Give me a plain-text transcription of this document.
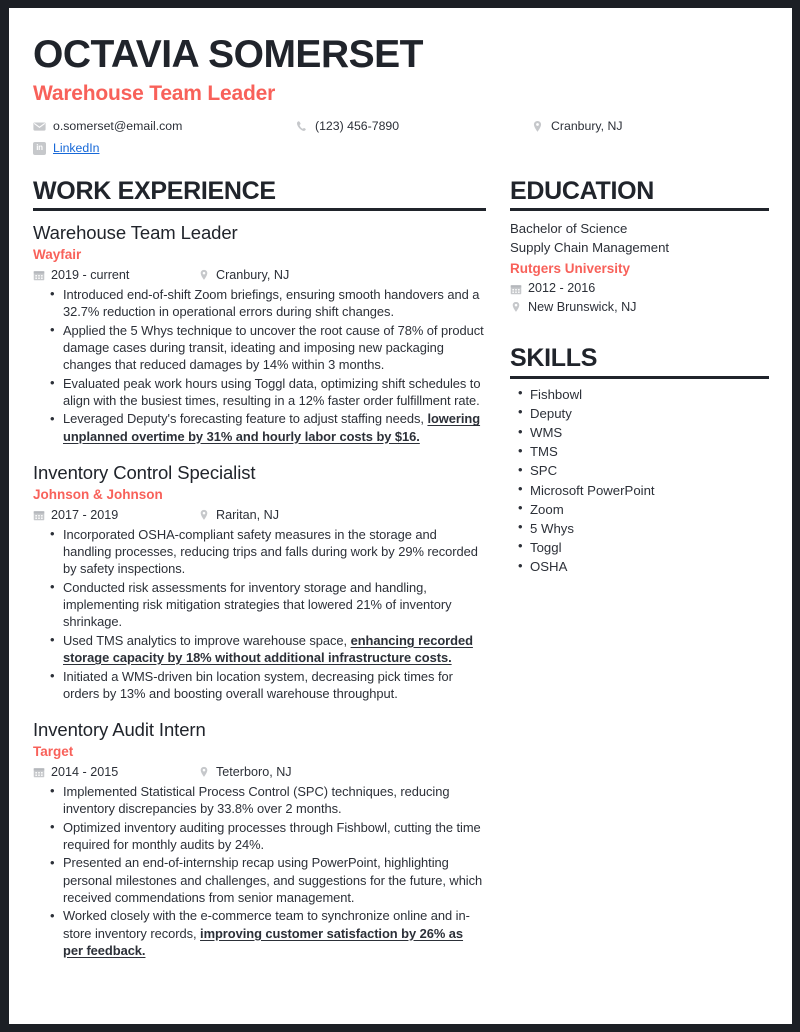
OCTAVIA SOMERSET
Warehouse Team Leader
o.somerset@email.com	(123) 456-7890	Cranbury, NJ
in LinkedIn
WORK EXPERIENCE
Warehouse Team Leader
Wayfair
2019 - current	Cranbury, NJ
• Introduced end-of-shift Zoom briefings, ensuring smooth handovers and a 32.7% reduction in operational errors during shift changes.
• Applied the 5 Whys technique to uncover the root cause of 78% of product damage cases during transit, ideating and imposing new packaging changes that reduced damages by 14% within 3 months.
• Evaluated peak work hours using Toggl data, optimizing shift schedules to align with the busiest times, resulting in a 12% faster order fulfillment rate.
• Leveraged Deputy's forecasting feature to adjust staffing needs, lowering unplanned overtime by 31% and hourly labor costs by $16.
Inventory Control Specialist
Johnson & Johnson
2017 - 2019	Raritan, NJ
• Incorporated OSHA-compliant safety measures in the storage and handling processes, reducing trips and falls during work by 29% recorded by safety inspections.
• Conducted risk assessments for inventory storage and handling, implementing risk mitigation strategies that lowered 21% of inventory shrinkage.
• Used TMS analytics to improve warehouse space, enhancing recorded storage capacity by 18% without additional infrastructure costs.
• Initiated a WMS-driven bin location system, decreasing pick times for orders by 13% and boosting overall warehouse throughput.
Inventory Audit Intern
Target
2014 - 2015	Teterboro, NJ
• Implemented Statistical Process Control (SPC) techniques, reducing inventory discrepancies by 33.8% over 2 months.
• Optimized inventory auditing processes through Fishbowl, cutting the time required for monthly audits by 24%.
• Presented an end-of-internship recap using PowerPoint, highlighting personal milestones and challenges, and suggestions for the future, which received commendations from senior management.
• Worked closely with the e-commerce team to synchronize online and in-store inventory records, improving customer satisfaction by 26% as per feedback.
EDUCATION
Bachelor of Science
Supply Chain Management
Rutgers University
2012 - 2016
New Brunswick, NJ
SKILLS
• Fishbowl
• Deputy
• WMS
• TMS
• SPC
• Microsoft PowerPoint
• Zoom
• 5 Whys
• Toggl
• OSHA
